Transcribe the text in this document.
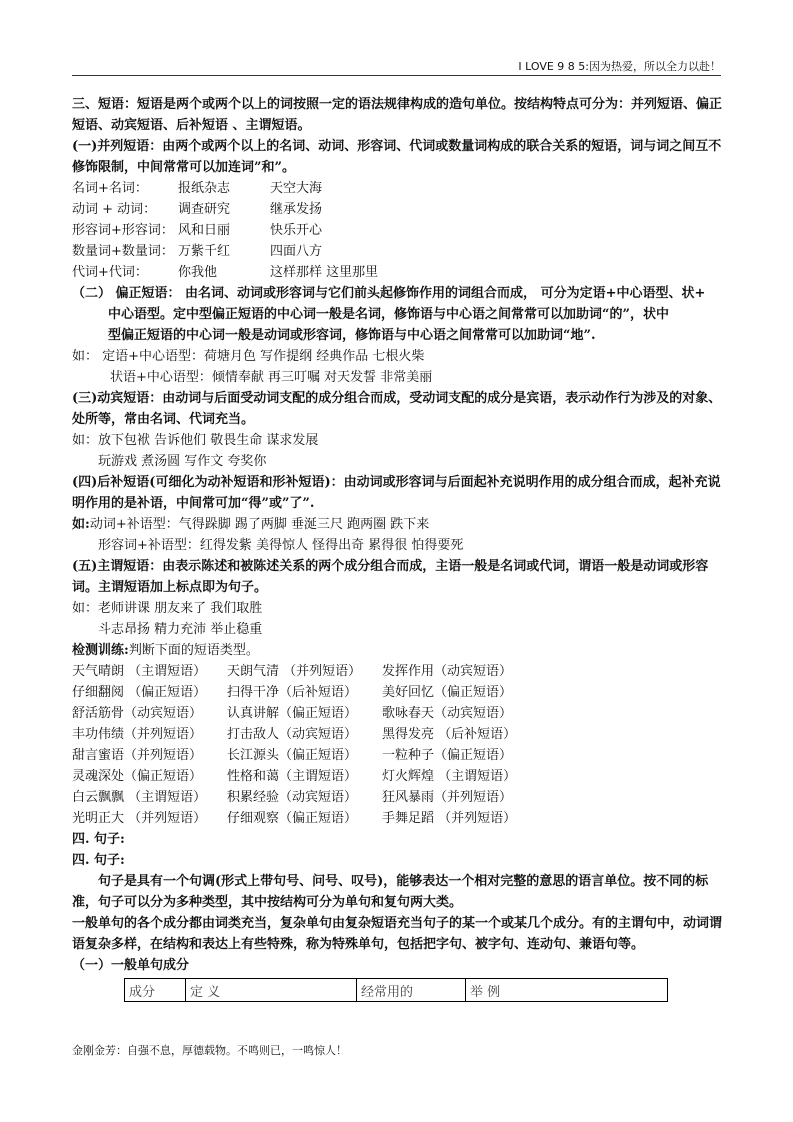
I LOVE 9 8 5:因为热爱，所以全力以赴！

三、短语：短语是两个或两个以上的词按照一定的语法规律构成的造句单位。按结构特点可分为：并列短语、偏正短语、动宾短语、后补短语 、主谓短语。

(一)并列短语：由两个或两个以上的名词、动词、形容词、代词或数量词构成的联合关系的短语，词与词之间互不修饰限制，中间常常可以加连词”和”。

名词+名词：	报纸杂志	天空大海
动词 + 动词：	调查研究	继承发扬
形容词+形容词： 风和日丽	快乐开心
数量词+数量词： 万紫千红	四面八方
代词+代词：	你我他	这样那样 这里那里

（二） 偏正短语： 由名词、动词或形容词与它们前头起修饰作用的词组合而成， 可分为定语+中心语型、状+

中心语型。定中型偏正短语的中心词一般是名词，修饰语与中心语之间常常可以加助词“的”，状中

型偏正短语的中心词一般是动词或形容词，修饰语与中心语之间常常可以加助词“地”.

如： 定语+中心语型：荷塘月色 写作提纲 经典作品 七根火柴

状语+中心语型：倾情奉献 再三叮嘱 对天发誓 非常美丽

(三)动宾短语：由动词与后面受动词支配的成分组合而成，受动词支配的成分是宾语，表示动作行为涉及的对象、处所等，常由名词、代词充当。

如：放下包袱 告诉他们 敬畏生命 谋求发展

玩游戏 煮汤圆 写作文 夸奖你

(四)后补短语(可细化为动补短语和形补短语)：由动词或形容词与后面起补充说明作用的成分组合而成，起补充说明作用的是补语，中间常可加“得”或”了”.

如:动词+补语型：气得跺脚 踢了两脚 垂涎三尺 跑两圈 跌下来

形容词+补语型：红得发紫 美得惊人 怪得出奇 累得很 怕得要死

(五)主谓短语：由表示陈述和被陈述关系的两个成分组合而成，主语一般是名词或代词，谓语一般是动词或形容词。主谓短语加上标点即为句子。

如：老师讲课 朋友来了 我们取胜

斗志昂扬 精力充沛 举止稳重

检测训练:判断下面的短语类型。

天气晴朗 （主谓短语）	天朗气清 （并列短语）	发挥作用（动宾短语）
仔细翻阅 （偏正短语）	扫得干净（后补短语）	美好回忆（偏正短语）
舒活筋骨（动宾短语）	认真讲解（偏正短语）	歌咏春天（动宾短语）
丰功伟绩（并列短语）	打击敌人（动宾短语）	黑得发亮 （后补短语）
甜言蜜语（并列短语）	长江源头（偏正短语）	一粒种子（偏正短语）
灵魂深处（偏正短语）	性格和蔼（主谓短语）	灯火辉煌 （主谓短语）
白云飘飘 （主谓短语）	积累经验（动宾短语）	狂风暴雨（并列短语）
光明正大 （并列短语）	仔细观察（偏正短语）	手舞足蹈 （并列短语）

四. 句子:

四. 句子:

句子是具有一个句调(形式上带句号、问号、叹号)，能够表达一个相对完整的意思的语言单位。按不同的标准，句子可以分为多种类型，其中按结构可分为单句和复句两大类。

一般单句的各个成分都由词类充当，复杂单句由复杂短语充当句子的某一个或某几个成分。有的主谓句中，动词谓语复杂多样，在结构和表达上有些特殊，称为特殊单句，包括把字句、被字句、连动句、兼语句等。

（一）一般单句成分

成分	定 义	经常用的	举 例
金刚金芳：自强不息，厚德载物。不鸣则已，一鸣惊人！
